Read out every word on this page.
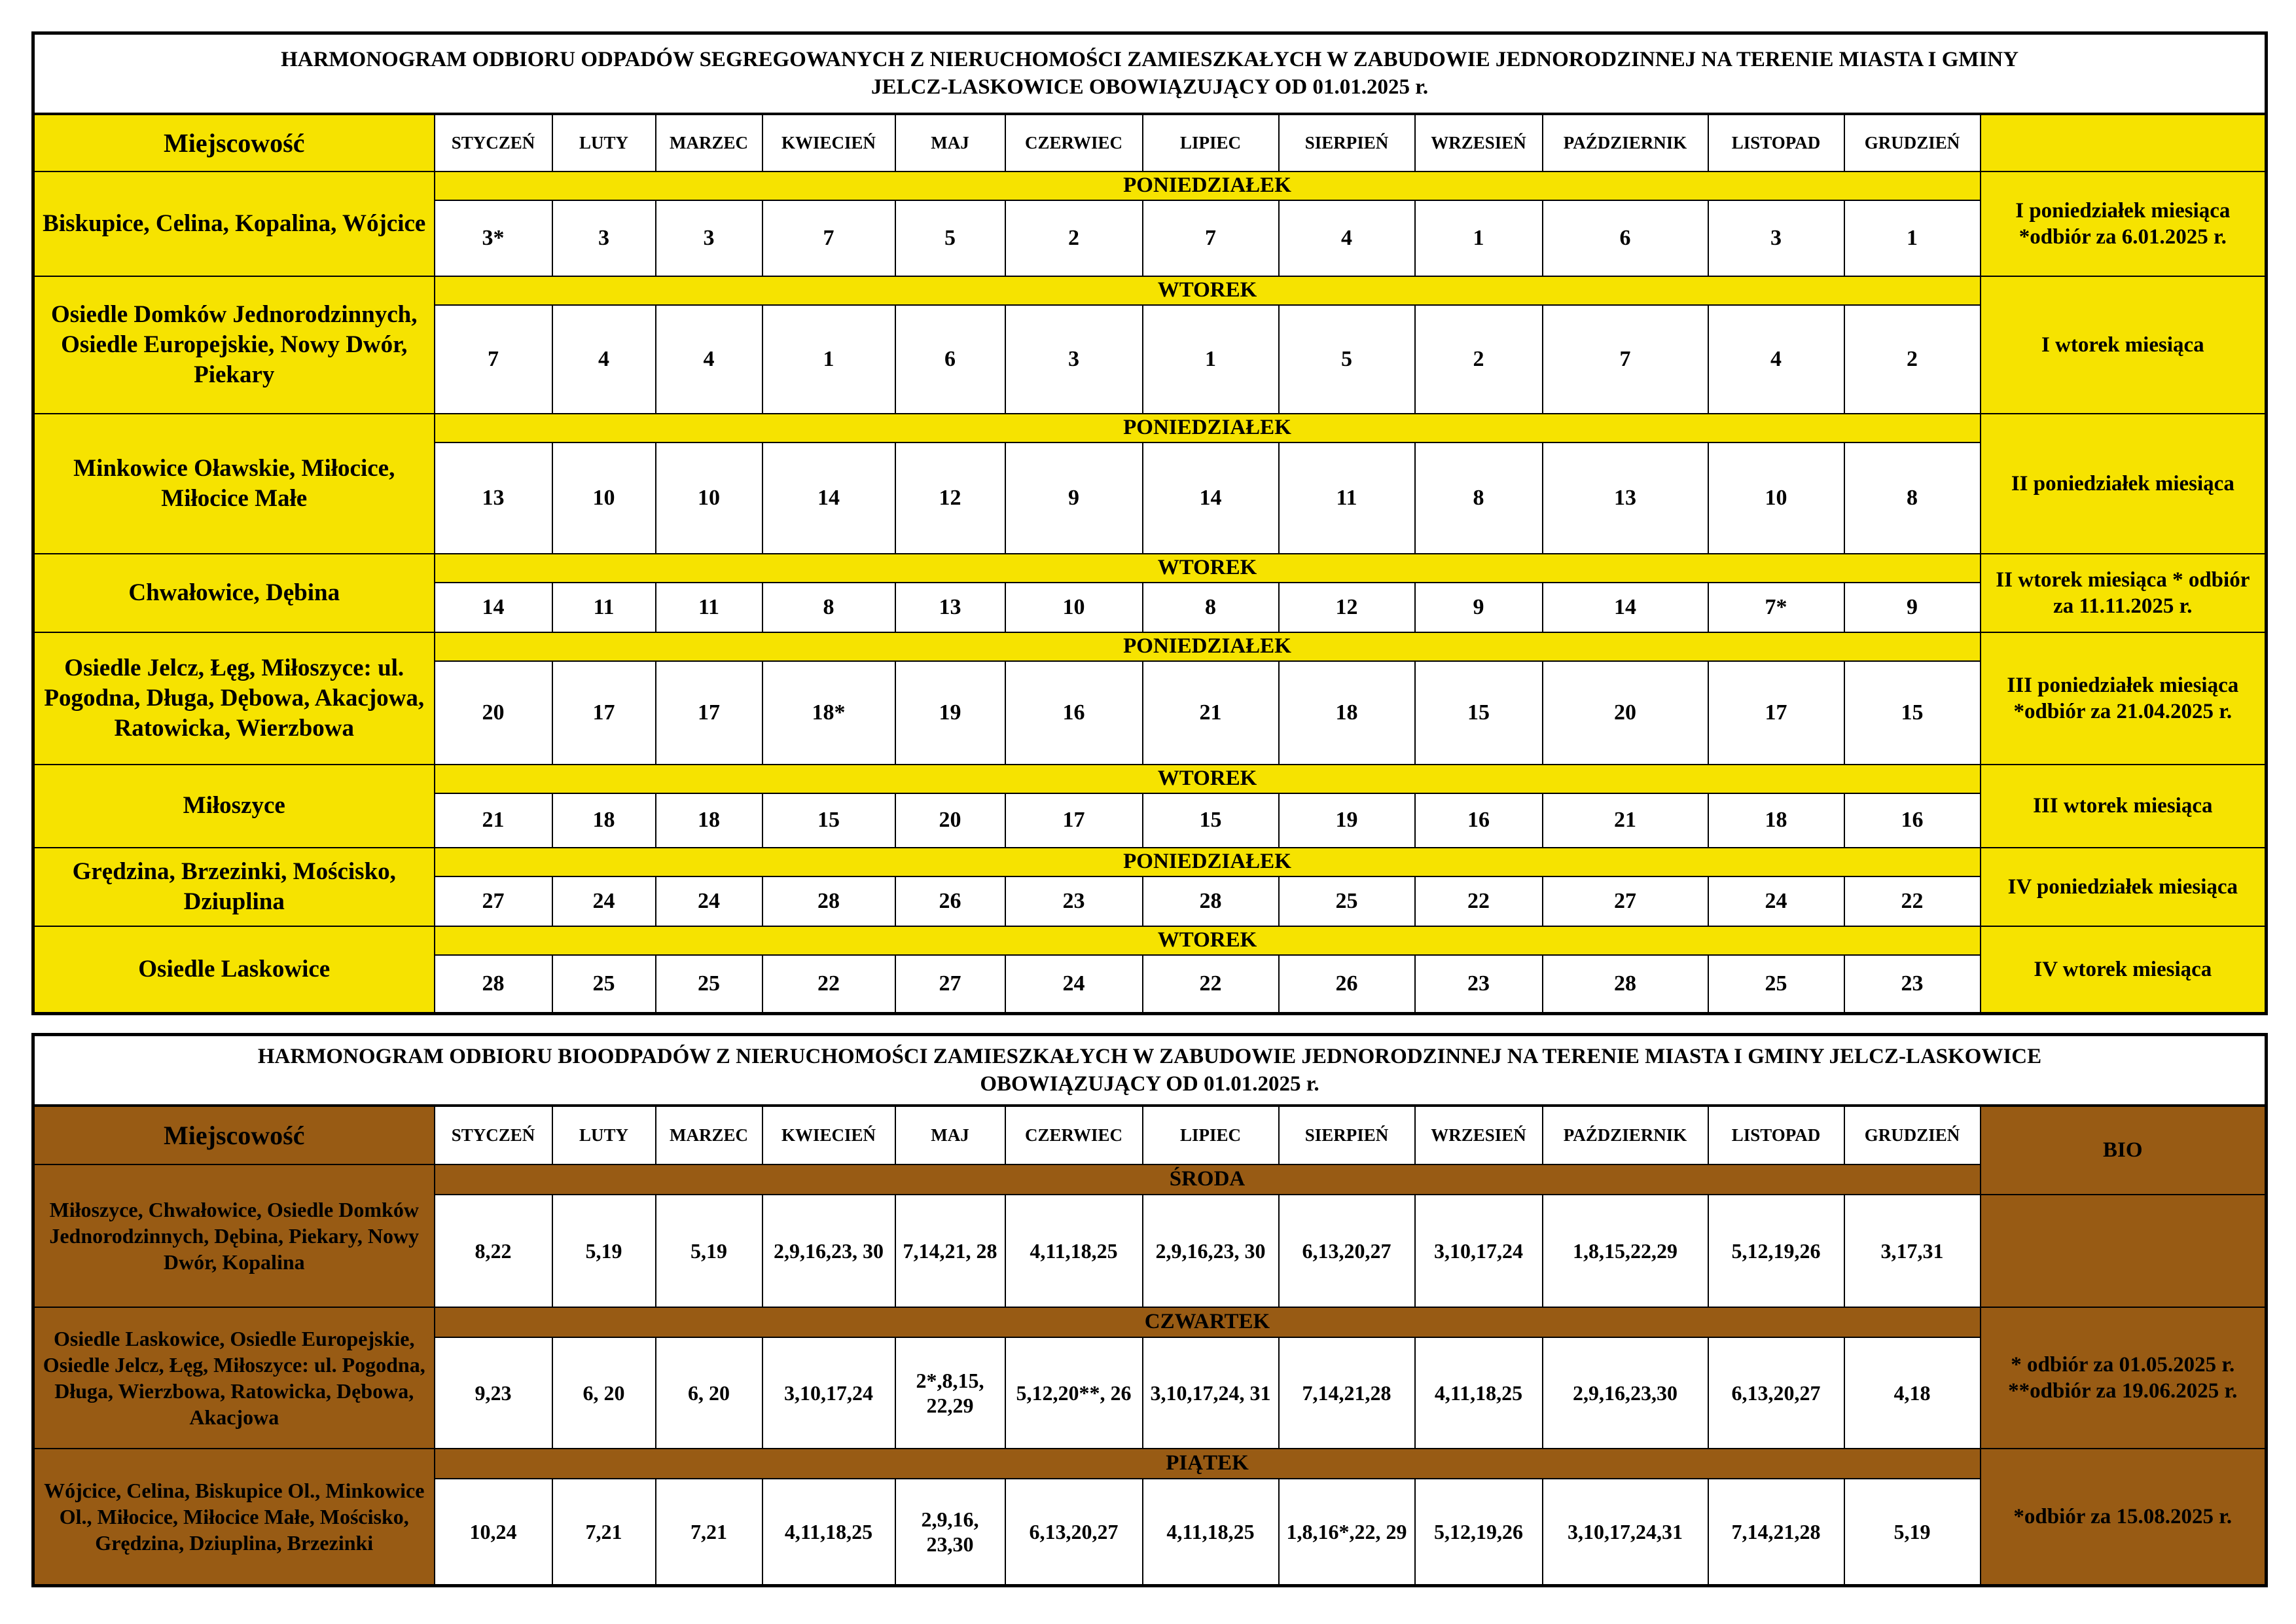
HARMONOGRAM ODBIORU ODPADÓW SEGREGOWANYCH Z NIERUCHOMOŚCI ZAMIESZKAŁYCH W ZABUDOWIE JEDNORODZINNEJ NA TERENIE MIASTA I GMINY
JELCZ-LASKOWICE OBOWIĄZUJĄCY OD 01.01.2025 r.													

Miejscowość	STYCZEŃ	LUTY	MARZEC	KWIECIEŃ	MAJ	CZERWIEC	LIPIEC	SIERPIEŃ	WRZESIEŃ	PAŹDZIERNIK	LISTOPAD	GRUDZIEŃ	
Biskupice, Celina, Kopalina, Wójcice	PONIEDZIAŁEK												I poniedziałek miesiąca *odbiór za 6.01.2025 r.
	3*	3	3	7	5	2	7	4	1	6	3	1	
Osiedle Domków Jednorodzinnych, Osiedle Europejskie, Nowy Dwór, Piekary	WTOREK												I wtorek miesiąca
	7	4	4	1	6	3	1	5	2	7	4	2	
Minkowice Oławskie, Miłocice, Miłocice Małe	PONIEDZIAŁEK												II poniedziałek miesiąca
	13	10	10	14	12	9	14	11	8	13	10	8	
Chwałowice, Dębina	WTOREK												II wtorek miesiąca * odbiór za 11.11.2025 r.
	14	11	11	8	13	10	8	12	9	14	7*	9	
Osiedle Jelcz, Łęg, Miłoszyce: ul. Pogodna, Długa, Dębowa, Akacjowa, Ratowicka, Wierzbowa	PONIEDZIAŁEK												III poniedziałek miesiąca *odbiór za 21.04.2025 r.
	20	17	17	18*	19	16	21	18	15	20	17	15	
Miłoszyce	WTOREK												III wtorek miesiąca
	21	18	18	15	20	17	15	19	16	21	18	16	
Grędzina, Brzezinki, Mościsko, Dziuplina	PONIEDZIAŁEK												IV poniedziałek miesiąca
	27	24	24	28	26	23	28	25	22	27	24	22	
Osiedle Laskowice	WTOREK												IV wtorek miesiąca
	28	25	25	22	27	24	22	26	23	28	25	23	
HARMONOGRAM ODBIORU BIOODPADÓW Z NIERUCHOMOŚCI ZAMIESZKAŁYCH W ZABUDOWIE JEDNORODZINNEJ NA TERENIE MIASTA I GMINY JELCZ-LASKOWICE
OBOWIĄZUJĄCY OD 01.01.2025 r.													

Miejscowość	STYCZEŃ	LUTY	MARZEC	KWIECIEŃ	MAJ	CZERWIEC	LIPIEC	SIERPIEŃ	WRZESIEŃ	PAŹDZIERNIK	LISTOPAD	GRUDZIEŃ	BIO
Miłoszyce, Chwałowice, Osiedle Domków Jednorodzinnych, Dębina, Piekary, Nowy Dwór, Kopalina	ŚRODA												
	8,22	5,19	5,19	2,9,16,23, 30	7,14,21, 28	4,11,18,25	2,9,16,23, 30	6,13,20,27	3,10,17,24	1,8,15,22,29	5,12,19,26	3,17,31	
Osiedle Laskowice, Osiedle Europejskie, Osiedle Jelcz, Łęg, Miłoszyce: ul. Pogodna, Długa, Wierzbowa, Ratowicka, Dębowa, Akacjowa	CZWARTEK												* odbiór za 01.05.2025 r. **odbiór za 19.06.2025 r.
	9,23	6, 20	6, 20	3,10,17,24	2*,8,15, 22,29	5,12,20**, 26	3,10,17,24, 31	7,14,21,28	4,11,18,25	2,9,16,23,30	6,13,20,27	4,18	
Wójcice, Celina, Biskupice Ol., Minkowice Ol., Miłocice, Miłocice Małe, Mościsko, Grędzina, Dziuplina, Brzezinki	PIĄTEK												*odbiór za 15.08.2025 r.
	10,24	7,21	7,21	4,11,18,25	2,9,16, 23,30	6,13,20,27	4,11,18,25	1,8,16*,22, 29	5,12,19,26	3,10,17,24,31	7,14,21,28	5,19	
